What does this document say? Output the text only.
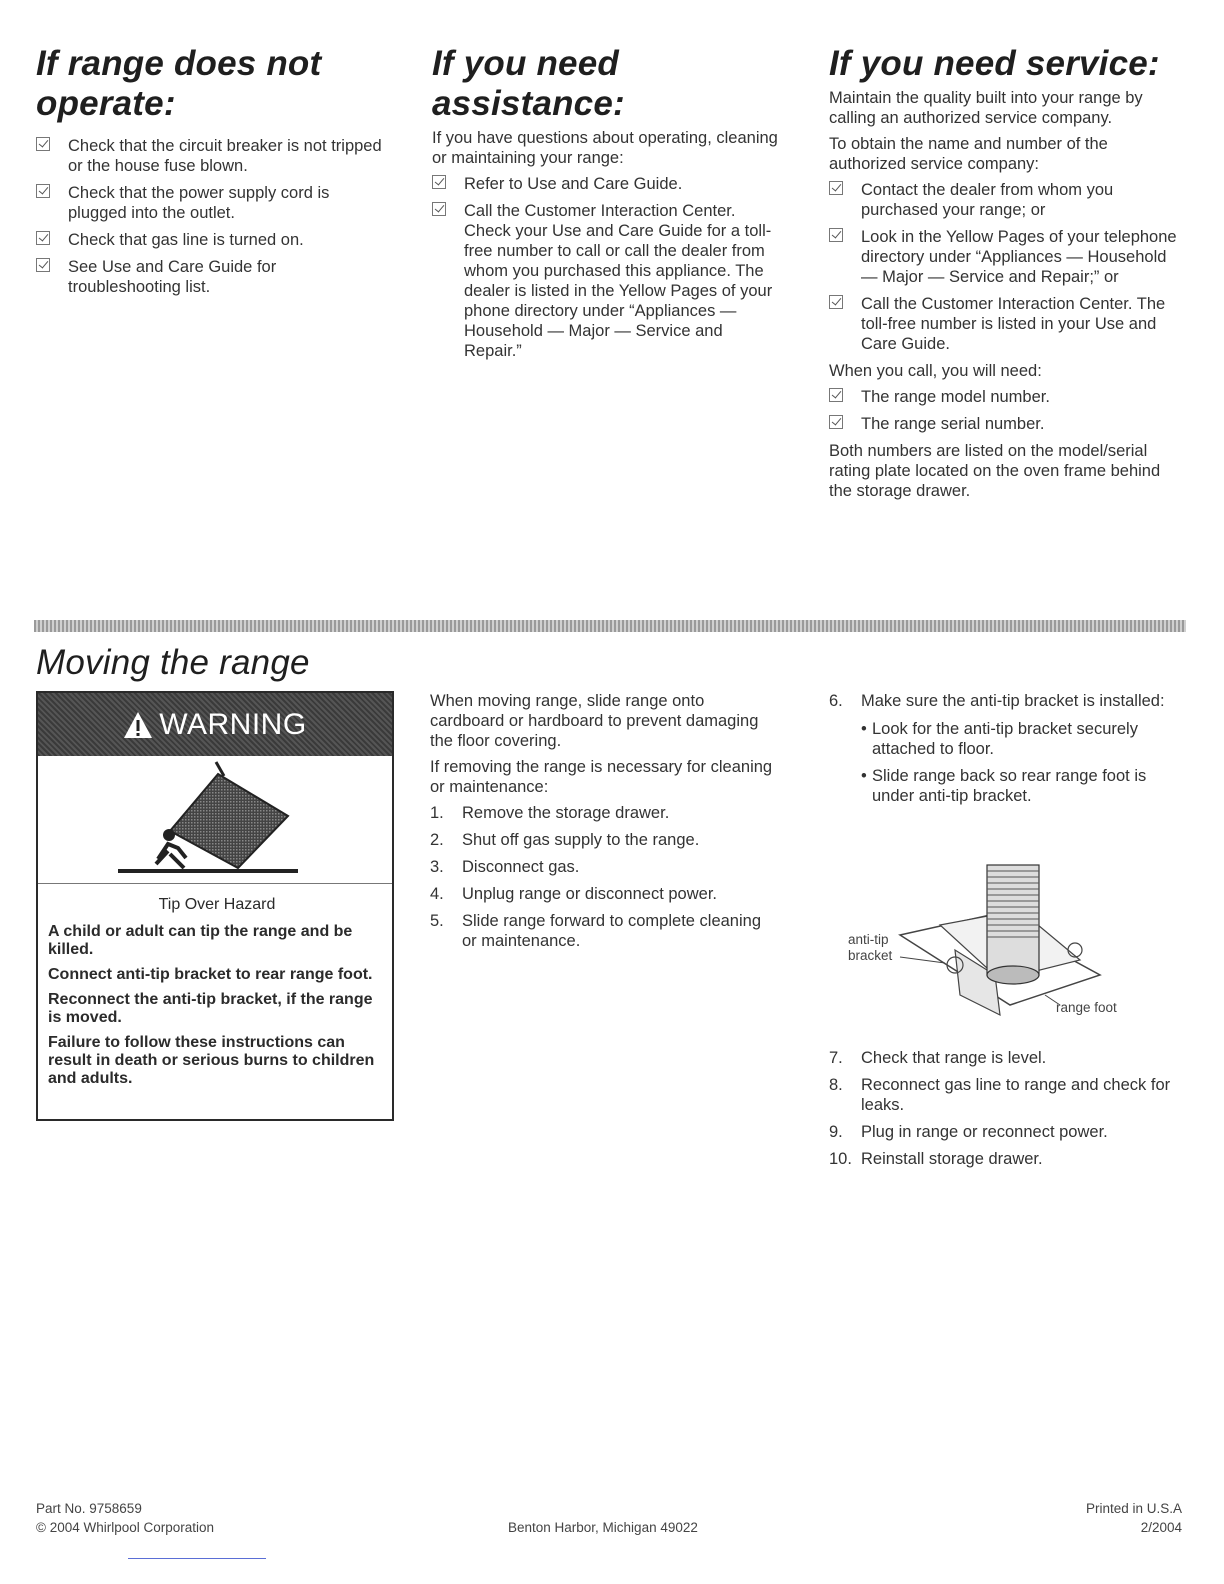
If range does not operate:
Check that the circuit breaker is not tripped or the house fuse blown.
Check that the power supply cord is plugged into the outlet.
Check that gas line is turned on.
See Use and Care Guide for troubleshooting list.
If you need assistance:

If you have questions about operating, cleaning or maintaining your range:

Refer to Use and Care Guide.
Call the Customer Interaction Center. Check your Use and Care Guide for a toll-free number to call or call the dealer from whom you purchased this appliance. The dealer is listed in the Yellow Pages of your phone directory under “Appliances — Household — Major — Service and Repair.”
If you need service:

Maintain the quality built into your range by calling an authorized service company.

To obtain the name and number of the authorized service company:

Contact the dealer from whom you purchased your range; or
Look in the Yellow Pages of your telephone directory under “Appliances — Household — Major — Service and Repair;” or
Call the Customer Interaction Center. The toll-free number is listed in your Use and Care Guide.

When you call, you will need:

The range model number.
The range serial number.

Both numbers are listed on the model/serial rating plate located on the oven frame behind the storage drawer.

Moving the range
WARNING
Tip Over Hazard

A child or adult can tip the range and be killed.

Connect anti-tip bracket to rear range foot.

Reconnect the anti-tip bracket, if the range is moved.

Failure to follow these instructions can result in death or serious burns to children and adults.

When moving range, slide range onto cardboard or hardboard to prevent damaging the floor covering.

If removing the range is necessary for cleaning or maintenance:

1. Remove the storage drawer.
2. Shut off gas supply to the range.
3. Disconnect gas.
4. Unplug range or disconnect power.
5. Slide range forward to complete cleaning or maintenance.
6. Make sure the anti-tip bracket is installed:
• Look for the anti-tip bracket securely attached to floor.
• Slide range back so rear range foot is under anti-tip bracket.
anti-tip
bracket
range foot
7. Check that range is level.
8. Reconnect gas line to range and check for leaks.
9. Plug in range or reconnect power.
10. Reinstall storage drawer.
Part No. 9758659
© 2004 Whirlpool Corporation	Benton Harbor, Michigan 49022
Printed in U.S.A
2/2004
